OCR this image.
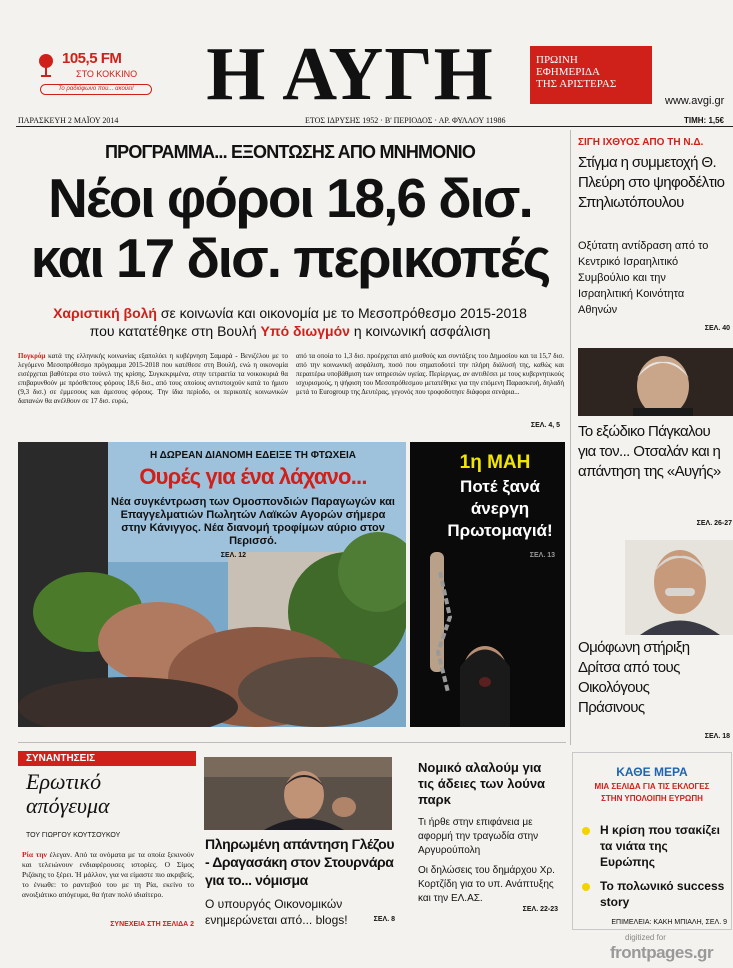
105,5 FM
ΣΤΟ ΚΟΚΚΙΝΟ
Το ραδιόφωνο που... ακούει! Η ΑΥΓΗ	ΠΡΩΙΝΗ
ΕΦΗΜΕΡΙΔΑ
ΤΗΣ ΑΡΙΣΤΕΡΑΣ
www.avgi.gr
ΠΑΡΑΣΚΕΥΗ 2 ΜΑΪΟΥ 2014	ΕΤΟΣ ΙΔΡΥΣΗΣ 1952 · Β' ΠΕΡΙΟΔΟΣ · ΑΡ. ΦΥΛΛΟΥ 11986	ΤΙΜΗ: 1,5€
ΠΡΟΓΡΑΜΜΑ... ΕΞΟΝΤΩΣΗΣ ΑΠΟ ΜΝΗΜΟΝΙΟ
Νέοι φόροι 18,6 δισ.
και 17 δισ. περικοπές
Χαριστική βολή σε κοινωνία και οικονομία με το Μεσοπρόθεσμο 2015-2018
που κατατέθηκε στη Βουλή Υπό διωγμόν η κοινωνική ασφάλιση
Πογκρόμ κατά της ελληνικής κοινωνίας εξαπολύει η κυβέρνηση Σαμαρά - Βενιζέλου με το λεγόμενο Μεσοπρόθεσμο πρόγραμμα 2015-2018 που κατέθεσε στη Βουλή, ενώ η οικονομία εισέρχεται βαθύτερα στο τούνελ της κρίσης. Συγκεκριμένα, στην τετραετία τα νοικοκυριά θα επιβαρυνθούν με πρόσθετους φόρους 18,6 δισ., από τους οποίους αντιστοιχούν κατά το ήμισυ (9,3 δισ.) σε έμμεσους και άμεσους φόρους. Την ίδια περίοδο, οι περικοπές κοινωνικών δαπανών θα ανέλθουν σε 17 δισ. ευρώ,
από τα οποία το 1,3 δισ. προέρχεται από μισθούς και συντάξεις του Δημοσίου και τα 15,7 δισ. από την κοινωνική ασφάλιση, ποσό που σηματοδοτεί την πλήρη διάλυσή της, καθώς και περαιτέρω υποβάθμιση των υπηρεσιών υγείας. Περίεργως, αν αντιθέσει με τους κυβερνητικούς ισχυρισμούς, η ψήφιση του Μεσοπρόθεσμου μετατέθηκε για την επόμενη Παρασκευή, δηλαδή μετά το Eurogroup της Δευτέρας, γεγονός που τροφοδοτησε διάφορα σενάρια...
ΣΕΛ. 4, 5
ΣΙΓΗ ΙΧΘΥΟΣ ΑΠΟ ΤΗ Ν.Δ.
Στίγμα η συμμετοχή Θ. Πλεύρη στο ψηφοδέλτιο Σπηλιωτόπουλου
Οξύτατη αντίδραση από το Κεντρικό Ισραηλιτικό Συμβούλιο και την Ισραηλιτική Κοινότητα Αθηνών
ΣΕΛ. 40
Το εξώδικο Πάγκαλου για τον... Οτσαλάν και η απάντηση της «Αυγής»
ΣΕΛ. 26-27
Ομόφωνη στήριξη Δρίτσα από τους Οικολόγους Πράσινους
ΣΕΛ. 18
Η ΔΩΡΕΑΝ ΔΙΑΝΟΜΗ ΕΔΕΙΞΕ ΤΗ ΦΤΩΧΕΙΑ
Ουρές για ένα λάχανο...
Νέα συγκέντρωση των Ομοσπονδιών Παραγωγών και Επαγγελματιών Πωλητών Λαϊκών Αγορών σήμερα στην Κάνιγγος. Νέα διανομή τροφίμων αύριο στον Περισσό.
ΣΕΛ. 12
1η ΜΑΗ
Ποτέ ξανά άνεργη Πρωτομαγιά!
ΣΕΛ. 13
ΣΥΝΑΝΤΗΣΕΙΣ
Ερωτικό
απόγευμα
ΤΟΥ ΓΙΩΡΓΟΥ ΚΟΥΤΣΟΥΚΟΥ
Ρία την έλεγαν. Από τα ονόματα με τα οποία ξεκινούν και τελειώνουν ενδιαφέρουσες ιστορίες. Ο Σίμος Ριζάκης το ξέρει. Ή μάλλον, για να είμαστε πιο ακριβείς, το ένιωθε: το ραντεβού του με τη Ρία, εκείνο το ανοιξιάτικο απόγευμα, θα ήταν πολύ ιδιαίτερο.
ΣΥΝΕΧΕΙΑ ΣΤΗ ΣΕΛΙΔΑ 2
Πληρωμένη απάντηση Γλέζου - Δραγασάκη στον Στουρνάρα για το... νόμισμα
Ο υπουργός Οικονομικών ενημερώνεται από... blogs!	ΣΕΛ. 8
Νομικό αλαλούμ για τις άδειες των λούνα παρκ
Τι ήρθε στην επιφάνεια με αφορμή την τραγωδία στην Αργυρούπολη
Οι δηλώσεις του δημάρχου Χρ. Κορτζίδη για το υπ. Ανάπτυξης και την ΕΛ.ΑΣ.
ΣΕΛ. 22-23
ΚΑΘΕ ΜΕΡΑ
ΜΙΑ ΣΕΛΙΔΑ ΓΙΑ ΤΙΣ ΕΚΛΟΓΕΣ
ΣΤΗΝ ΥΠΟΛΟΙΠΗ ΕΥΡΩΠΗ
Η κρίση που τσακίζει τα νιάτα της Ευρώπης
Το πολωνικό success story
ΕΠΙΜΕΛΕΙΑ: ΚΑΚΗ ΜΠΙΑΛΗ, ΣΕΛ. 9
digitized for
frontpages.gr
